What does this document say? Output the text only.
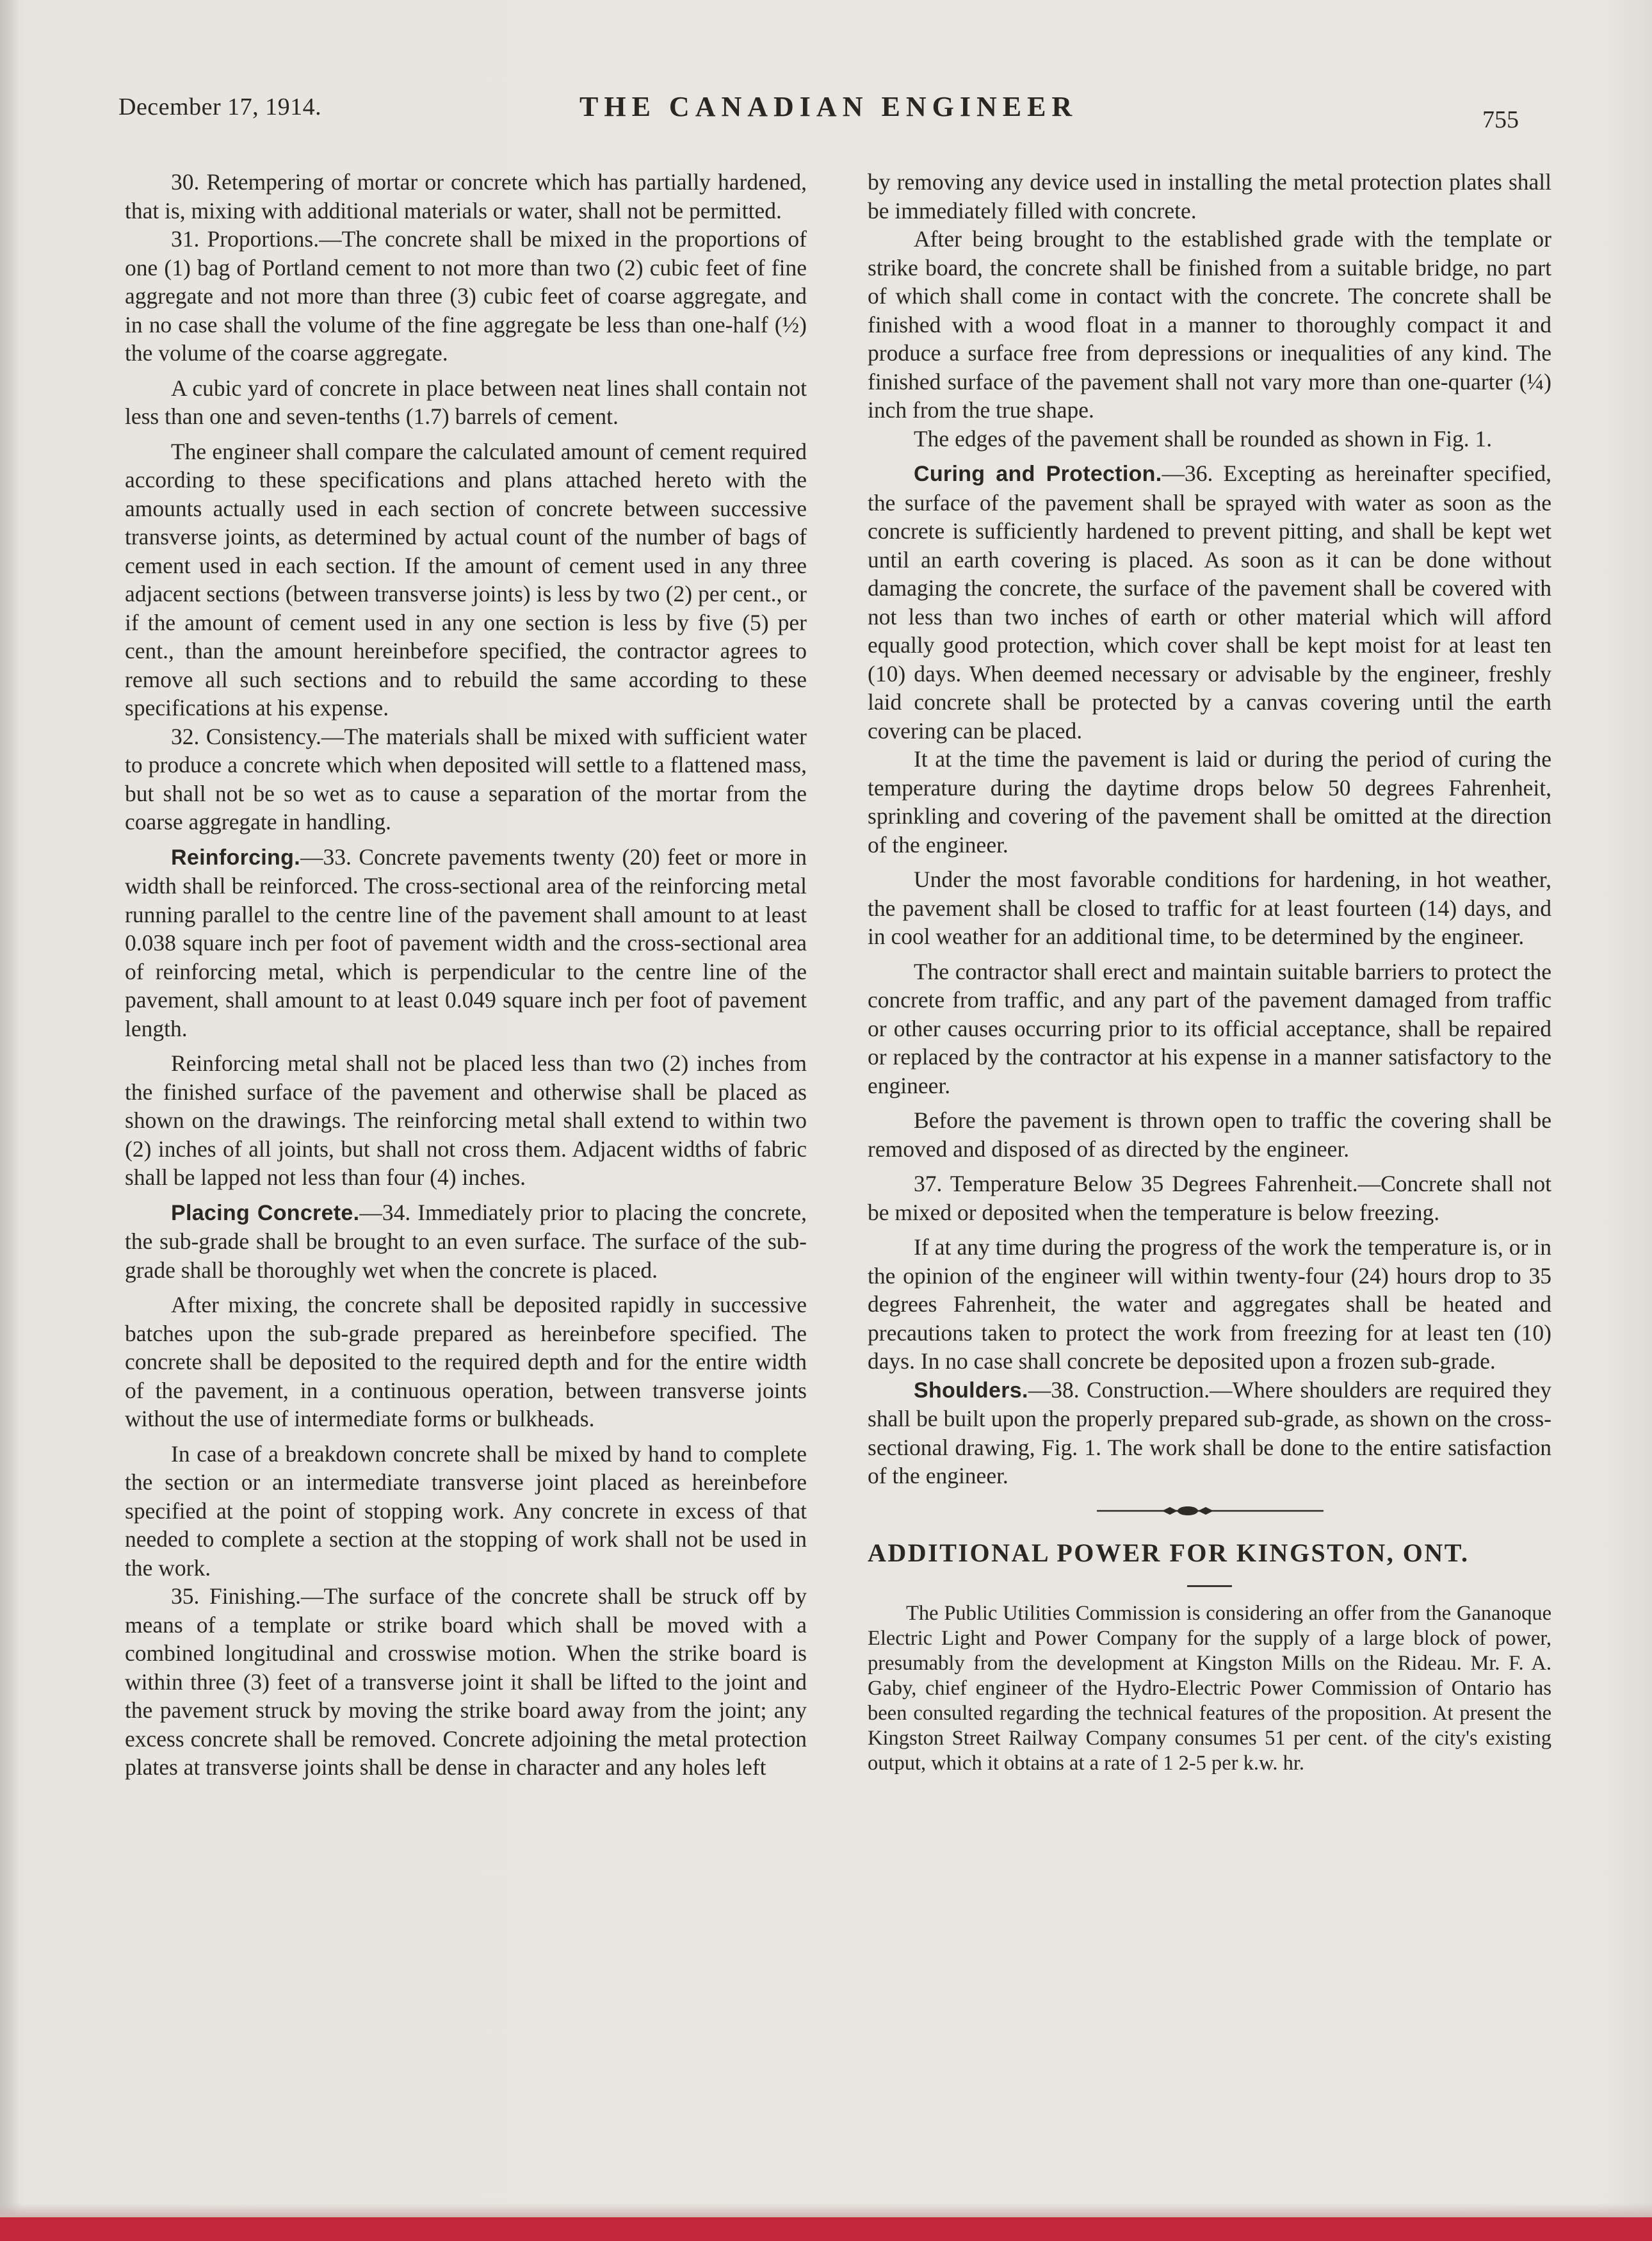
December 17, 1914.	THE CANADIAN ENGINEER	755

30. Retempering of mortar or concrete which has partially hardened, that is, mixing with additional materials or water, shall not be permitted.

31. Proportions.—The concrete shall be mixed in the proportions of one (1) bag of Portland cement to not more than two (2) cubic feet of fine aggregate and not more than three (3) cubic feet of coarse aggregate, and in no case shall the volume of the fine aggregate be less than one-half (½) the volume of the coarse aggregate.

A cubic yard of concrete in place between neat lines shall contain not less than one and seven-tenths (1.7) barrels of cement.

The engineer shall compare the calculated amount of cement required according to these specifications and plans attached hereto with the amounts actually used in each section of concrete between successive transverse joints, as determined by actual count of the number of bags of cement used in each section. If the amount of cement used in any three adjacent sections (between transverse joints) is less by two (2) per cent., or if the amount of cement used in any one section is less by five (5) per cent., than the amount hereinbefore specified, the contractor agrees to remove all such sections and to rebuild the same according to these specifications at his expense.

32. Consistency.—The materials shall be mixed with sufficient water to produce a concrete which when deposited will settle to a flattened mass, but shall not be so wet as to cause a separation of the mortar from the coarse aggregate in handling.

Reinforcing.—33. Concrete pavements twenty (20) feet or more in width shall be reinforced. The cross-sectional area of the reinforcing metal running parallel to the centre line of the pavement shall amount to at least 0.038 square inch per foot of pavement width and the cross-sectional area of reinforcing metal, which is perpendicular to the centre line of the pavement, shall amount to at least 0.049 square inch per foot of pavement length.

Reinforcing metal shall not be placed less than two (2) inches from the finished surface of the pavement and otherwise shall be placed as shown on the drawings. The reinforcing metal shall extend to within two (2) inches of all joints, but shall not cross them. Adjacent widths of fabric shall be lapped not less than four (4) inches.

Placing Concrete.—34. Immediately prior to placing the concrete, the sub-grade shall be brought to an even surface. The surface of the sub-grade shall be thoroughly wet when the concrete is placed.

After mixing, the concrete shall be deposited rapidly in successive batches upon the sub-grade prepared as hereinbefore specified. The concrete shall be deposited to the required depth and for the entire width of the pavement, in a continuous operation, between transverse joints without the use of intermediate forms or bulkheads.

In case of a breakdown concrete shall be mixed by hand to complete the section or an intermediate transverse joint placed as hereinbefore specified at the point of stopping work. Any concrete in excess of that needed to complete a section at the stopping of work shall not be used in the work.

35. Finishing.—The surface of the concrete shall be struck off by means of a template or strike board which shall be moved with a combined longitudinal and crosswise motion. When the strike board is within three (3) feet of a transverse joint it shall be lifted to the joint and the pavement struck by moving the strike board away from the joint; any excess concrete shall be removed. Concrete adjoining the metal protection plates at transverse joints shall be dense in character and any holes left

by removing any device used in installing the metal protection plates shall be immediately filled with concrete.

After being brought to the established grade with the template or strike board, the concrete shall be finished from a suitable bridge, no part of which shall come in contact with the concrete. The concrete shall be finished with a wood float in a manner to thoroughly compact it and produce a surface free from depressions or inequalities of any kind. The finished surface of the pavement shall not vary more than one-quarter (¼) inch from the true shape.

The edges of the pavement shall be rounded as shown in Fig. 1.

Curing and Protection.—36. Excepting as hereinafter specified, the surface of the pavement shall be sprayed with water as soon as the concrete is sufficiently hardened to prevent pitting, and shall be kept wet until an earth covering is placed. As soon as it can be done without damaging the concrete, the surface of the pavement shall be covered with not less than two inches of earth or other material which will afford equally good protection, which cover shall be kept moist for at least ten (10) days. When deemed necessary or advisable by the engineer, freshly laid concrete shall be protected by a canvas covering until the earth covering can be placed.

It at the time the pavement is laid or during the period of curing the temperature during the daytime drops below 50 degrees Fahrenheit, sprinkling and covering of the pavement shall be omitted at the direction of the engineer.

Under the most favorable conditions for hardening, in hot weather, the pavement shall be closed to traffic for at least fourteen (14) days, and in cool weather for an additional time, to be determined by the engineer.

The contractor shall erect and maintain suitable barriers to protect the concrete from traffic, and any part of the pavement damaged from traffic or other causes occurring prior to its official acceptance, shall be repaired or replaced by the contractor at his expense in a manner satisfactory to the engineer.

Before the pavement is thrown open to traffic the covering shall be removed and disposed of as directed by the engineer.

37. Temperature Below 35 Degrees Fahrenheit.—Concrete shall not be mixed or deposited when the temperature is below freezing.

If at any time during the progress of the work the temperature is, or in the opinion of the engineer will within twenty-four (24) hours drop to 35 degrees Fahrenheit, the water and aggregates shall be heated and precautions taken to protect the work from freezing for at least ten (10) days. In no case shall concrete be deposited upon a frozen sub-grade.

Shoulders.—38. Construction.—Where shoulders are required they shall be built upon the properly prepared sub-grade, as shown on the cross-sectional drawing, Fig. 1. The work shall be done to the entire satisfaction of the engineer.

ADDITIONAL POWER FOR KINGSTON, ONT.

The Public Utilities Commission is considering an offer from the Gananoque Electric Light and Power Company for the supply of a large block of power, presumably from the development at Kingston Mills on the Rideau. Mr. F. A. Gaby, chief engineer of the Hydro-Electric Power Commission of Ontario has been consulted regarding the technical features of the proposition. At present the Kingston Street Railway Company consumes 51 per cent. of the city's existing output, which it obtains at a rate of 1 2-5 per k.w. hr.
